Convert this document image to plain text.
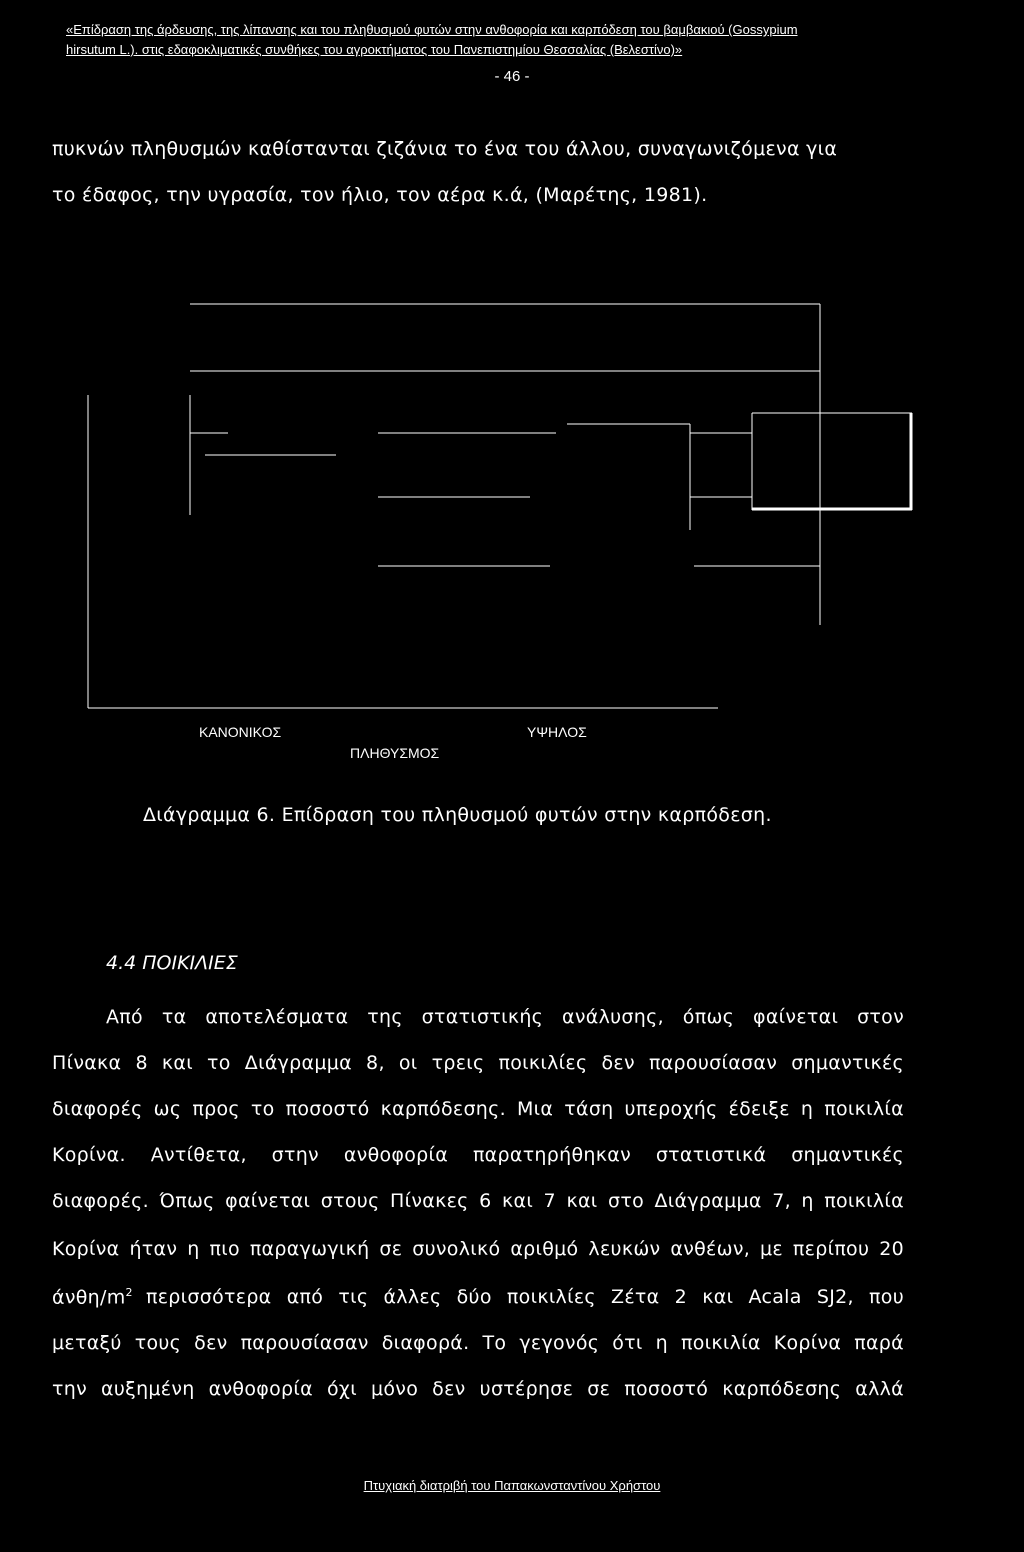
«Επίδραση της άρδευσης, της λίπανσης και του πληθυσμού φυτών στην ανθοφορία και καρπόδεση του βαμβακιού (Gossypium
hirsutum L.). στις εδαφοκλιματικές συνθήκες του αγροκτήματος του Πανεπιστημίου Θεσσαλίας (Βελεστίνο)»
- 46 -
πυκνών πληθυσμών καθίστανται ζιζάνια το ένα του άλλου, συναγωνιζόμενα για
το έδαφος, την υγρασία, τον ήλιο, τον αέρα κ.ά, (Μαρέτης, 1981).
ΚΑΝΟΝΙΚΟΣ	ΥΨΗΛΟΣ
ΠΛΗΘΥΣΜΟΣ
Διάγραμμα 6. Επίδραση του πληθυσμού φυτών στην καρπόδεση.
4.4 ΠΟΙΚΙΛΙΕΣ
Από τα αποτελέσματα της στατιστικής ανάλυσης, όπως φαίνεται στον
Πίνακα 8 και το Διάγραμμα 8, οι τρεις ποικιλίες δεν παρουσίασαν σημαντικές
διαφορές ως προς το ποσοστό καρπόδεσης. Μια τάση υπεροχής έδειξε η ποικιλία
Κορίνα. Αντίθετα, στην ανθοφορία παρατηρήθηκαν στατιστικά σημαντικές
διαφορές. Όπως φαίνεται στους Πίνακες 6 και 7 και στο Διάγραμμα 7, η ποικιλία
Κορίνα ήταν η πιο παραγωγική σε συνολικό αριθμό λευκών ανθέων, με περίπου 20
άνθη/$m^2$ περισσότερα από τις άλλες δύο ποικιλίες Ζέτα 2 και Acala SJ2, που
μεταξύ τους δεν παρουσίασαν διαφορά. Το γεγονός ότι η ποικιλία Κορίνα παρά
την αυξημένη ανθοφορία όχι μόνο δεν υστέρησε σε ποσοστό καρπόδεσης αλλά
Πτυχιακή διατριβή του Παπακωνσταντίνου Χρήστου
